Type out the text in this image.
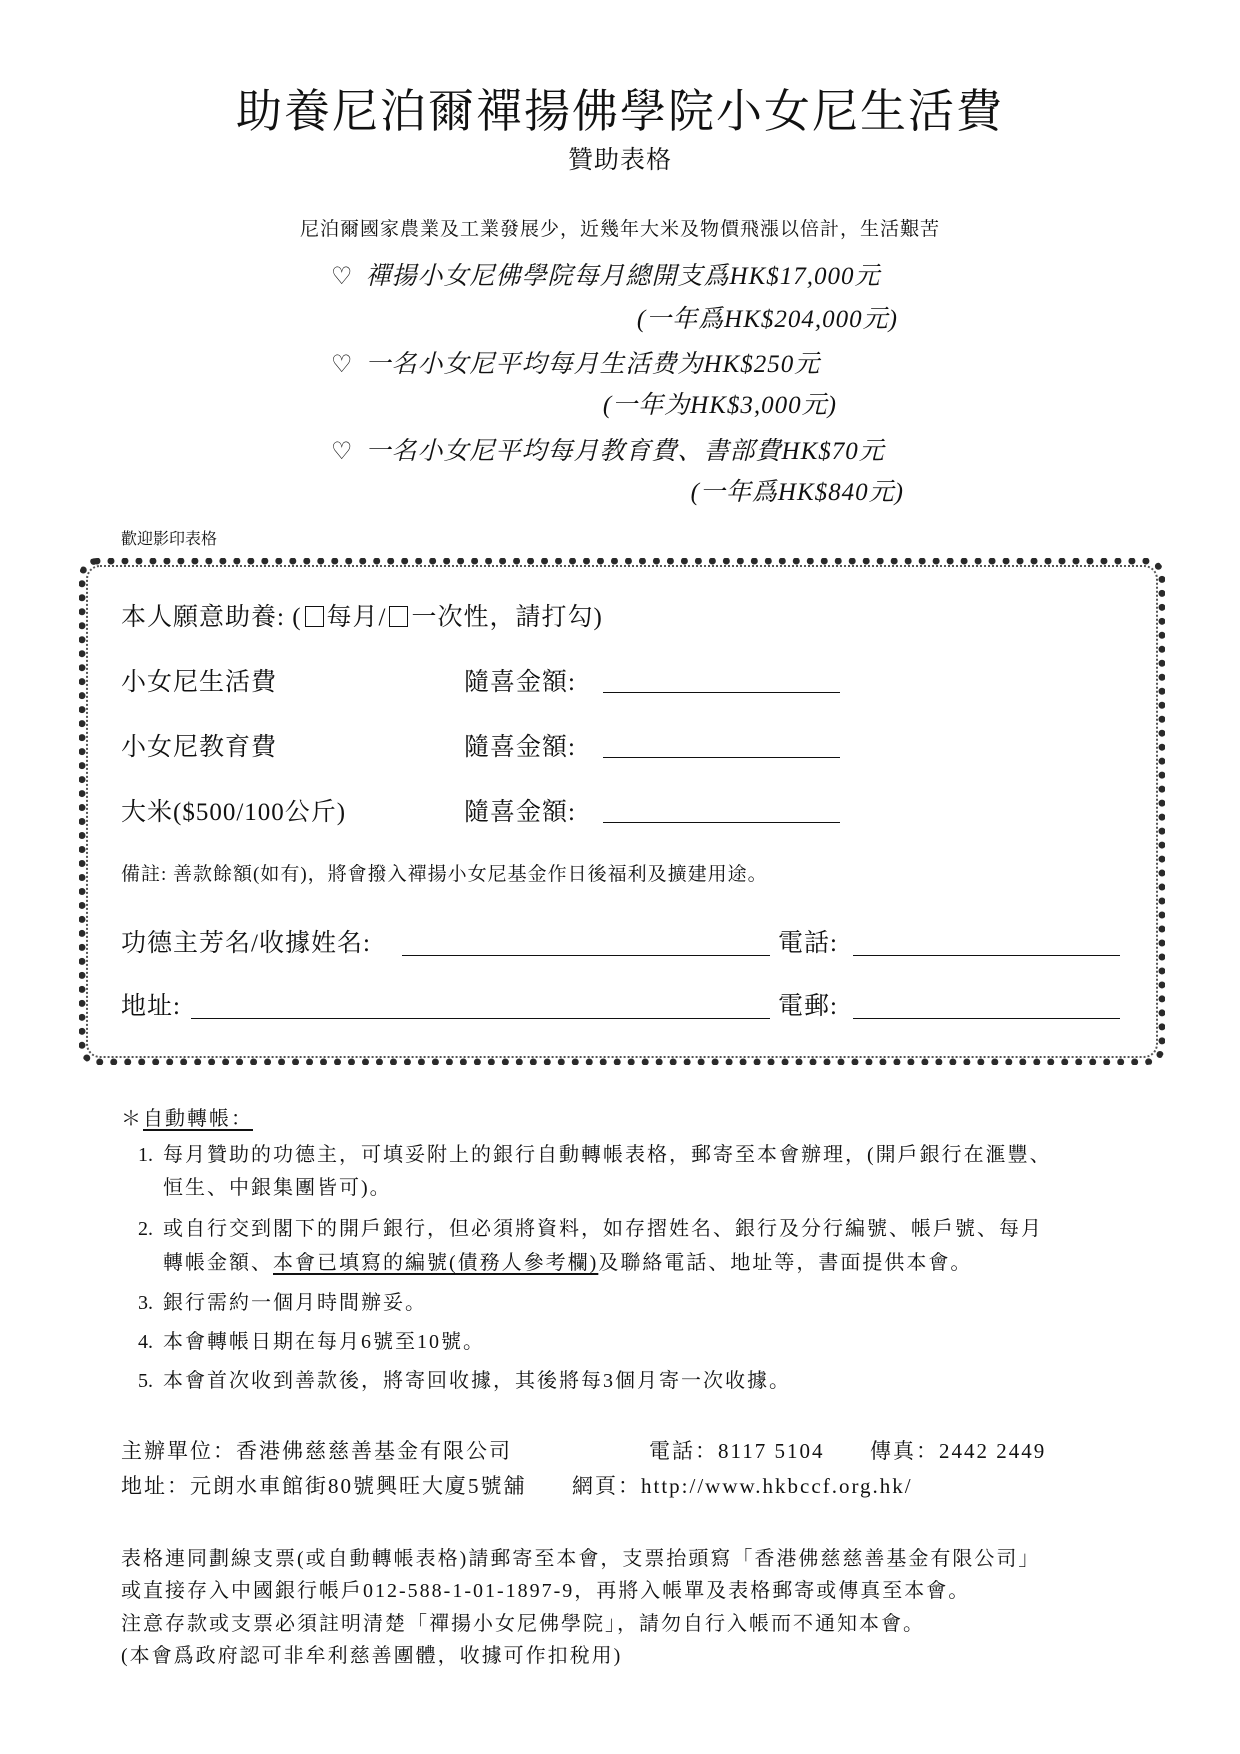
助養尼泊爾禪揚佛學院小女尼生活費
贊助表格
尼泊爾國家農業及工業發展少，近幾年大米及物價飛漲以倍計，生活艱苦
♡ 禪揚小女尼佛學院每月總開支爲HK$17,000元
(一年爲HK$204,000元)
♡ 一名小女尼平均每月生活费为HK$250元
(一年为HK$3,000元)
♡ 一名小女尼平均每月教育費、書部費HK$70元
(一年爲HK$840元)
歡迎影印表格
本人願意助養: ( 每月/ 一次性，請打勾)
小女尼生活費	隨喜金額:
小女尼教育費	隨喜金額:
大米($500/100公斤)	隨喜金額:
備註: 善款餘額(如有)，將會撥入禪揚小女尼基金作日後福利及擴建用途。
功德主芳名/收據姓名:	電話:
地址:	電郵:
＊自動轉帳：
1. 每月贊助的功德主，可填妥附上的銀行自動轉帳表格，郵寄至本會辦理，(開戶銀行在滙豐、
恒生、中銀集團皆可)。
2. 或自行交到閣下的開戶銀行，但必須將資料，如存摺姓名、銀行及分行編號、帳戶號、每月
轉帳金額、本會已填寫的編號(債務人參考欄)及聯絡電話、地址等，書面提供本會。
3. 銀行需約一個月時間辦妥。
4. 本會轉帳日期在每月6號至10號。
5. 本會首次收到善款後，將寄回收據，其後將每3個月寄一次收據。
主辦單位：香港佛慈慈善基金有限公司	電話：8117 5104 傳真：2442 2449
地址：元朗水車館街80號興旺大廈5號舖 網頁：http://www.hkbccf.org.hk/
表格連同劃線支票(或自動轉帳表格)請郵寄至本會，支票抬頭寫「香港佛慈慈善基金有限公司」
或直接存入中國銀行帳戶012-588-1-01-1897-9，再將入帳單及表格郵寄或傳真至本會。
注意存款或支票必須註明清楚「禪揚小女尼佛學院」，請勿自行入帳而不通知本會。
(本會爲政府認可非牟利慈善團體，收據可作扣稅用)
